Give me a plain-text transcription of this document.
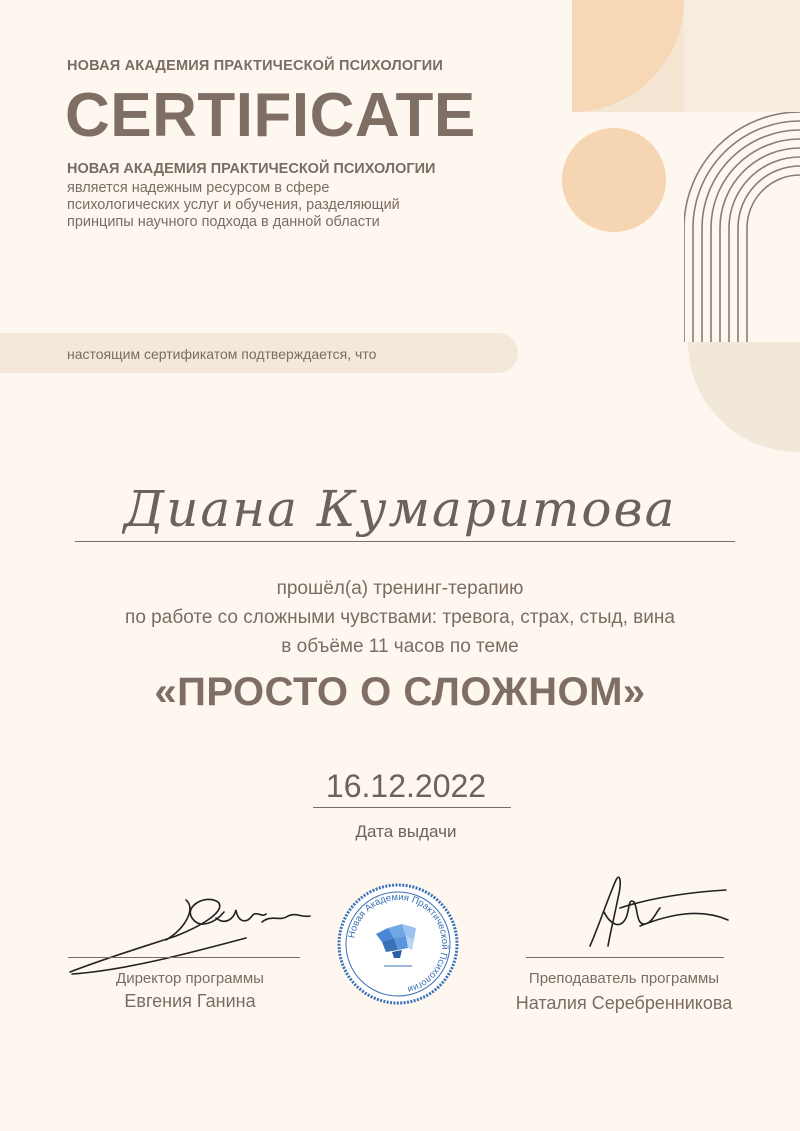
НОВАЯ АКАДЕМИЯ ПРАКТИЧЕСКОЙ ПСИХОЛОГИИ
CERTIFICATE
НОВАЯ АКАДЕМИЯ ПРАКТИЧЕСКОЙ ПСИХОЛОГИИ
является надежным ресурсом в сфере
психологических услуг и обучения, разделяющий
принципы научного подхода в данной области
настоящим сертификатом подтверждается, что
Диана Кумаритова
прошёл(а) тренинг-терапию
по работе со сложными чувствами: тревога, страх, стыд, вина
в объёме 11 часов по теме
«ПРОСТО О СЛОЖНОМ»
16.12.2022
Дата выдачи
Директор программы
Евгения Ганина
Преподаватель программы
Наталия Серебренникова
Новая Академия Практической Психологии
